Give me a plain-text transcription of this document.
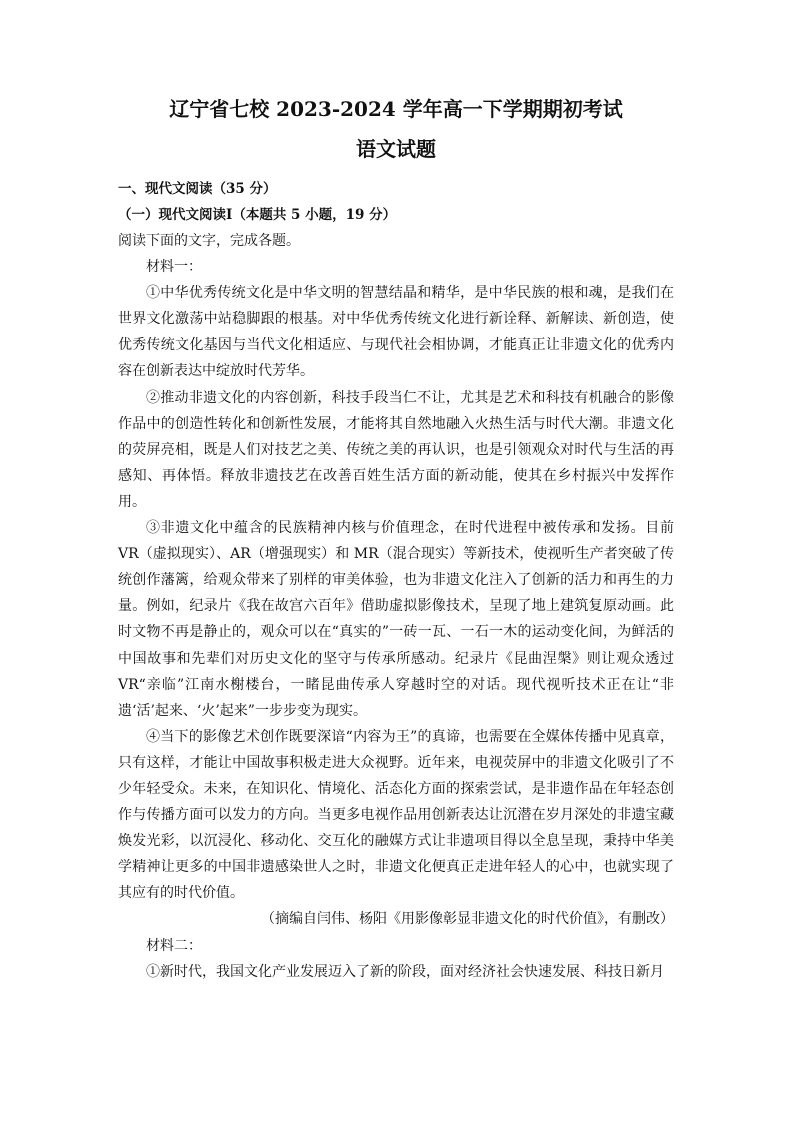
辽宁省七校 2023-2024 学年高一下学期期初考试

语文试题

一、现代文阅读（35 分）

（一）现代文阅读Ⅰ（本题共 5 小题，19 分）

阅读下面的文字，完成各题。

材料一：

①中华优秀传统文化是中华文明的智慧结晶和精华，是中华民族的根和魂，是我们在世界文化激荡中站稳脚跟的根基。对中华优秀传统文化进行新诠释、新解读、新创造，使优秀传统文化基因与当代文化相适应、与现代社会相协调，才能真正让非遗文化的优秀内容在创新表达中绽放时代芳华。

②推动非遗文化的内容创新，科技手段当仁不让，尤其是艺术和科技有机融合的影像作品中的创造性转化和创新性发展，才能将其自然地融入火热生活与时代大潮。非遗文化的荧屏亮相，既是人们对技艺之美、传统之美的再认识，也是引领观众对时代与生活的再感知、再体悟。释放非遗技艺在改善百姓生活方面的新动能，使其在乡村振兴中发挥作用。

③非遗文化中蕴含的民族精神内核与价值理念，在时代进程中被传承和发扬。目前 VR（虚拟现实）、AR（增强现实）和 MR（混合现实）等新技术，使视听生产者突破了传统创作藩篱，给观众带来了别样的审美体验，也为非遗文化注入了创新的活力和再生的力量。例如，纪录片《我在故宫六百年》借助虚拟影像技术，呈现了地上建筑复原动画。此时文物不再是静止的，观众可以在“真实的”一砖一瓦、一石一木的运动变化间，为鲜活的中国故事和先辈们对历史文化的坚守与传承所感动。纪录片《昆曲涅槃》则让观众透过 VR“亲临”江南水榭楼台，一睹昆曲传承人穿越时空的对话。现代视听技术正在让“非遗‘活’起来、‘火’起来”一步步变为现实。

④当下的影像艺术创作既要深谙“内容为王”的真谛，也需要在全媒体传播中见真章，只有这样，才能让中国故事积极走进大众视野。近年来，电视荧屏中的非遗文化吸引了不少年轻受众。未来，在知识化、情境化、活态化方面的探索尝试，是非遗作品在年轻态创作与传播方面可以发力的方向。当更多电视作品用创新表达让沉潜在岁月深处的非遗宝藏焕发光彩，以沉浸化、移动化、交互化的融媒方式让非遗项目得以全息呈现，秉持中华美学精神让更多的中国非遗感染世人之时，非遗文化便真正走进年轻人的心中，也就实现了其应有的时代价值。

（摘编自闫伟、杨阳《用影像彰显非遗文化的时代价值》，有删改）

材料二：

①新时代，我国文化产业发展迈入了新的阶段，面对经济社会快速发展、科技日新月
